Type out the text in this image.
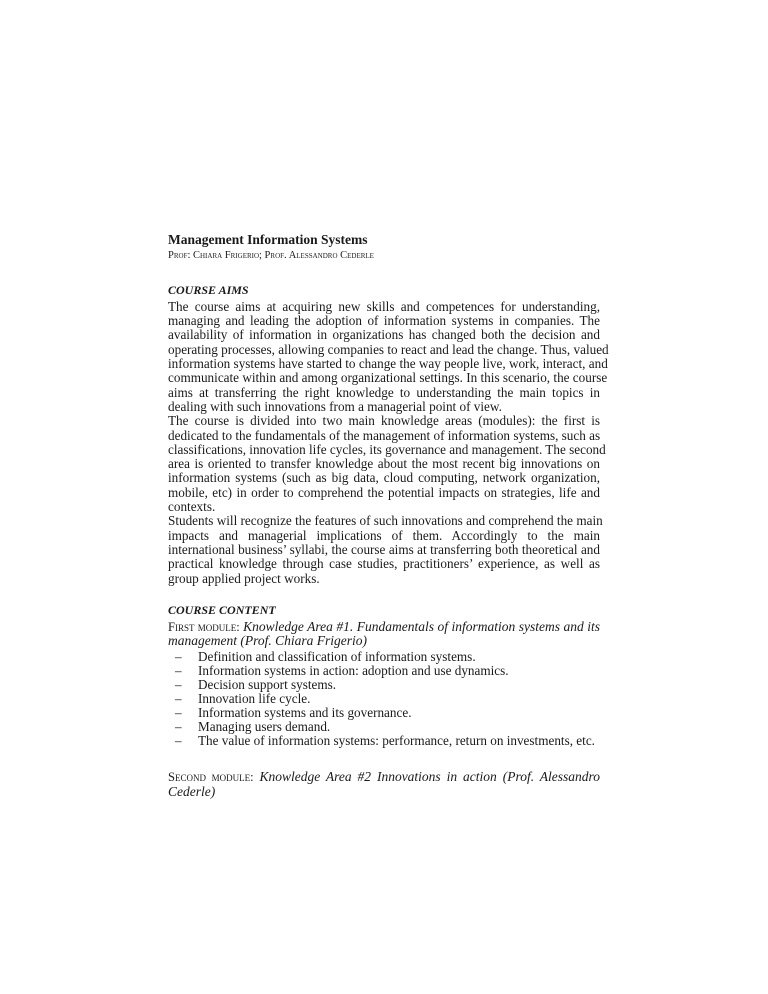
Management Information Systems
Prof: Chiara Frigerio; Prof. Alessandro Cederle
COURSE AIMS
The course aims at acquiring new skills and competences for understanding,
managing and leading the adoption of information systems in companies. The
availability of information in organizations has changed both the decision and
operating processes, allowing companies to react and lead the change. Thus, valued
information systems have started to change the way people live, work, interact, and
communicate within and among organizational settings. In this scenario, the course
aims at transferring the right knowledge to understanding the main topics in
dealing with such innovations from a managerial point of view.
The course is divided into two main knowledge areas (modules): the first is
dedicated to the fundamentals of the management of information systems, such as
classifications, innovation life cycles, its governance and management. The second
area is oriented to transfer knowledge about the most recent big innovations on
information systems (such as big data, cloud computing, network organization,
mobile, etc) in order to comprehend the potential impacts on strategies, life and
contexts.
Students will recognize the features of such innovations and comprehend the main
impacts and managerial implications of them. Accordingly to the main
international business’ syllabi, the course aims at transferring both theoretical and
practical knowledge through case studies, practitioners’ experience, as well as
group applied project works.
COURSE CONTENT
First module: Knowledge Area #1. Fundamentals of information systems and its
management (Prof. Chiara Frigerio)
– Definition and classification of information systems.
– Information systems in action: adoption and use dynamics.
– Decision support systems.
– Innovation life cycle.
– Information systems and its governance.
– Managing users demand.
– The value of information systems: performance, return on investments, etc.
Second module: Knowledge Area #2 Innovations in action (Prof. Alessandro
Cederle)
